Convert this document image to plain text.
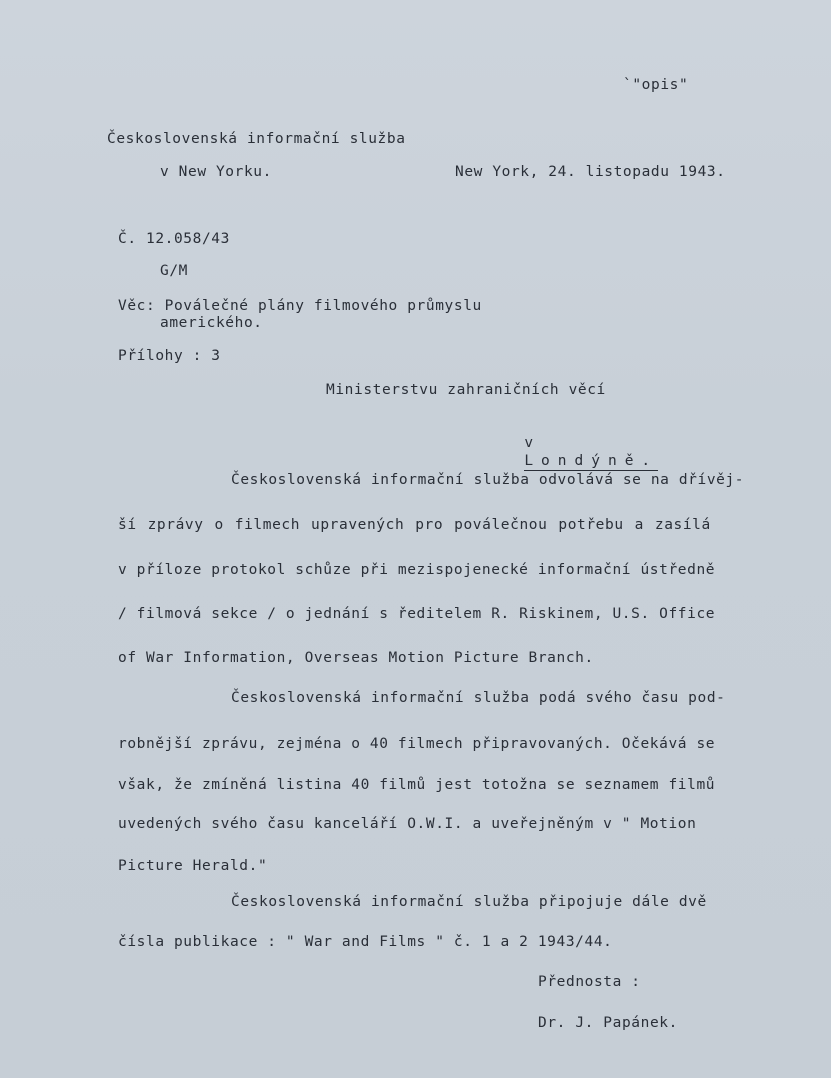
`"opis"
Československá informační služba
v New Yorku.	New York, 24. listopadu 1943.
Č. 12.058/43
G/M
Věc: Poválečné plány filmového průmyslu
amerického.
Přílohy : 3
Ministerstvu zahraničních věcí

v
Londýně.

Československá informační služba odvolává se na dřívěj-
ší zprávy o filmech upravených pro poválečnou potřebu a zasílá
v příloze protokol schůze při mezispojenecké informační ústředně
/ filmová sekce / o jednání s ředitelem R. Riskinem, U.S. Office
of War Information, Overseas Motion Picture Branch.
Československá informační služba podá svého času pod-
robnější zprávu, zejména o 40 filmech připravovaných. Očekává se
však, že zmíněná listina 40 filmů jest totožna se seznamem filmů
uvedených svého času kanceláří O.W.I. a uveřejněným v " Motion
Picture Herald."
Československá informační služba připojuje dále dvě
čísla publikace : " War and Films " č. 1 a 2 1943/44.
Přednosta :
Dr. J. Papánek.
